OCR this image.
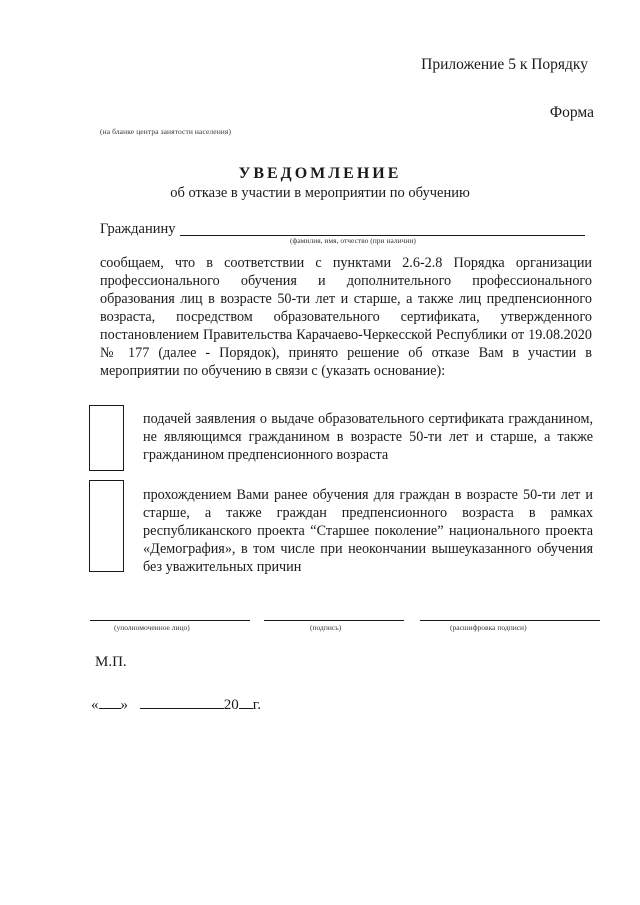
Приложение 5 к Порядку
Форма
(на бланке центра занятости населения)
УВЕДОМЛЕНИЕ
об отказе в участии в мероприятии по обучению
Гражданину
(фамилия, имя, отчество (при наличии)
сообщаем, что в соответствии с пунктами 2.6-2.8 Порядка организации профессионального обучения и дополнительного профессионального образования лиц в возрасте 50-ти лет и старше, а также лиц предпенсионного возраста, посредством образовательного сертификата, утвержденного постановлением Правительства Карачаево-Черкесской Республики от 19.08.2020 № 177 (далее - Порядок), принято решение об отказе Вам в участии в мероприятии по обучению в связи с (указать основание):
подачей заявления о выдаче образовательного сертификата гражданином, не являющимся гражданином в возрасте 50-ти лет и старше, а также гражданином предпенсионного возраста
прохождением Вами ранее обучения для граждан в возрасте 50-ти лет и старше, а также граждан предпенсионного возраста в рамках республиканского проекта “Старшее поколение” национального проекта «Демография», в том числе при неокончании вышеуказанного обучения без уважительных причин
(уполномоченное лицо)	(подпись)	(расшифровка подписи)
М.П.
« »	20 г.
